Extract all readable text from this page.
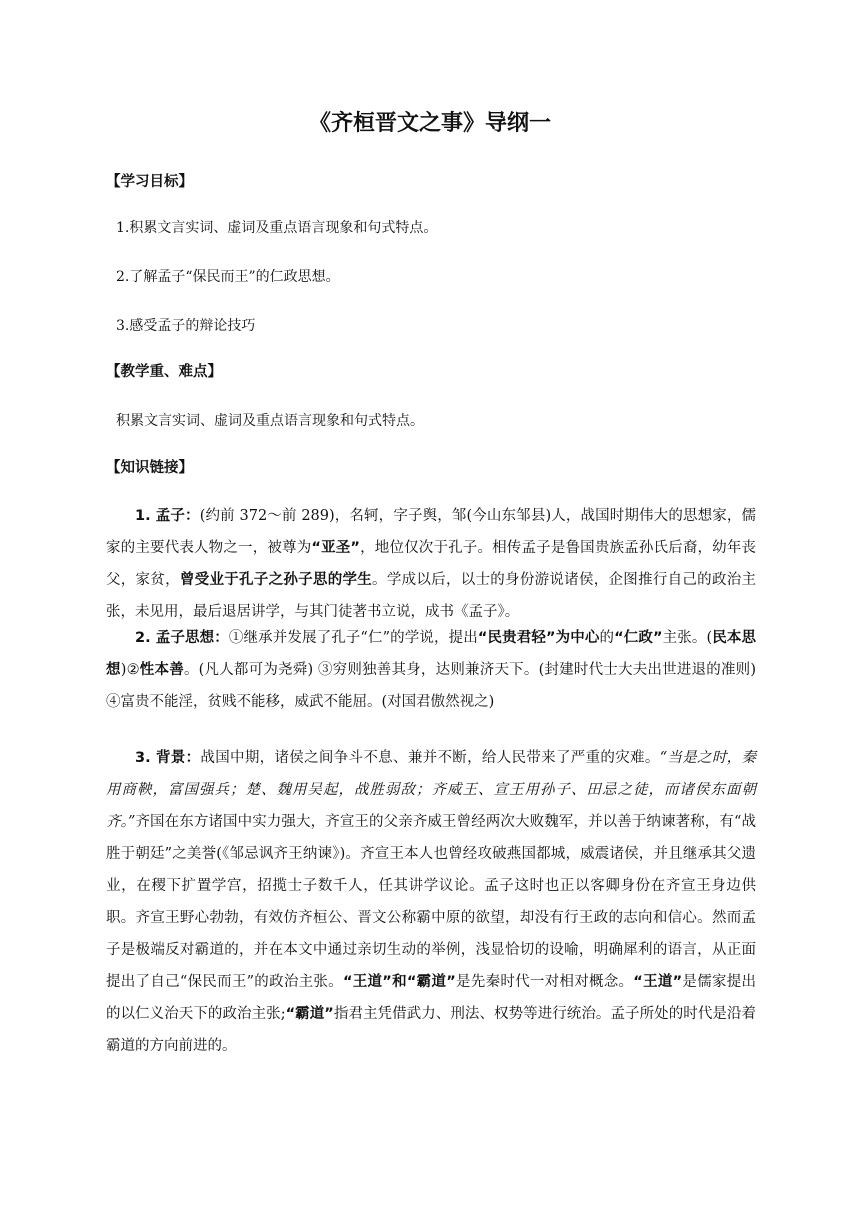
《齐桓晋文之事》导纲一
【学习目标】
1.积累文言实词、虚词及重点语言现象和句式特点。
2.了解孟子“保民而王”的仁政思想。
3.感受孟子的辩论技巧
【教学重、难点】
积累文言实词、虚词及重点语言现象和句式特点。
【知识链接】
1. 孟子：(约前 372～前 289)，名轲，字子舆，邹(今山东邹县)人，战国时期伟大的思想家，儒家的主要代表人物之一，被尊为“亚圣”，地位仅次于孔子。相传孟子是鲁国贵族孟孙氏后裔，幼年丧父，家贫，曾受业于孔子之孙子思的学生。学成以后，以士的身份游说诸侯，企图推行自己的政治主张，未见用，最后退居讲学，与其门徒著书立说，成书《孟子》。
2. 孟子思想：①继承并发展了孔子“仁”的学说，提出“民贵君轻”为中心的“仁政”主张。(民本思想)②性本善。(凡人都可为尧舜) ③穷则独善其身，达则兼济天下。(封建时代士大夫出世进退的准则) ④富贵不能淫，贫贱不能移，威武不能屈。(对国君傲然视之)
3. 背景：战国中期，诸侯之间争斗不息、兼并不断，给人民带来了严重的灾难。“当是之时，秦用商鞅，富国强兵；楚、魏用吴起，战胜弱敌；齐威王、宣王用孙子、田忌之徒，而诸侯东面朝齐。”齐国在东方诸国中实力强大，齐宣王的父亲齐威王曾经两次大败魏军，并以善于纳谏著称，有“战胜于朝廷”之美誉(《邹忌讽齐王纳谏》)。齐宣王本人也曾经攻破燕国都城，威震诸侯，并且继承其父遗业，在稷下扩置学宫，招揽士子数千人，任其讲学议论。孟子这时也正以客卿身份在齐宣王身边供职。齐宣王野心勃勃，有效仿齐桓公、晋文公称霸中原的欲望，却没有行王政的志向和信心。然而孟子是极端反对霸道的，并在本文中通过亲切生动的举例，浅显恰切的设喻，明确犀利的语言，从正面提出了自己“保民而王”的政治主张。“王道”和“霸道”是先秦时代一对相对概念。“王道”是儒家提出的以仁义治天下的政治主张;“霸道”指君主凭借武力、刑法、权势等进行统治。孟子所处的时代是沿着霸道的方向前进的。
